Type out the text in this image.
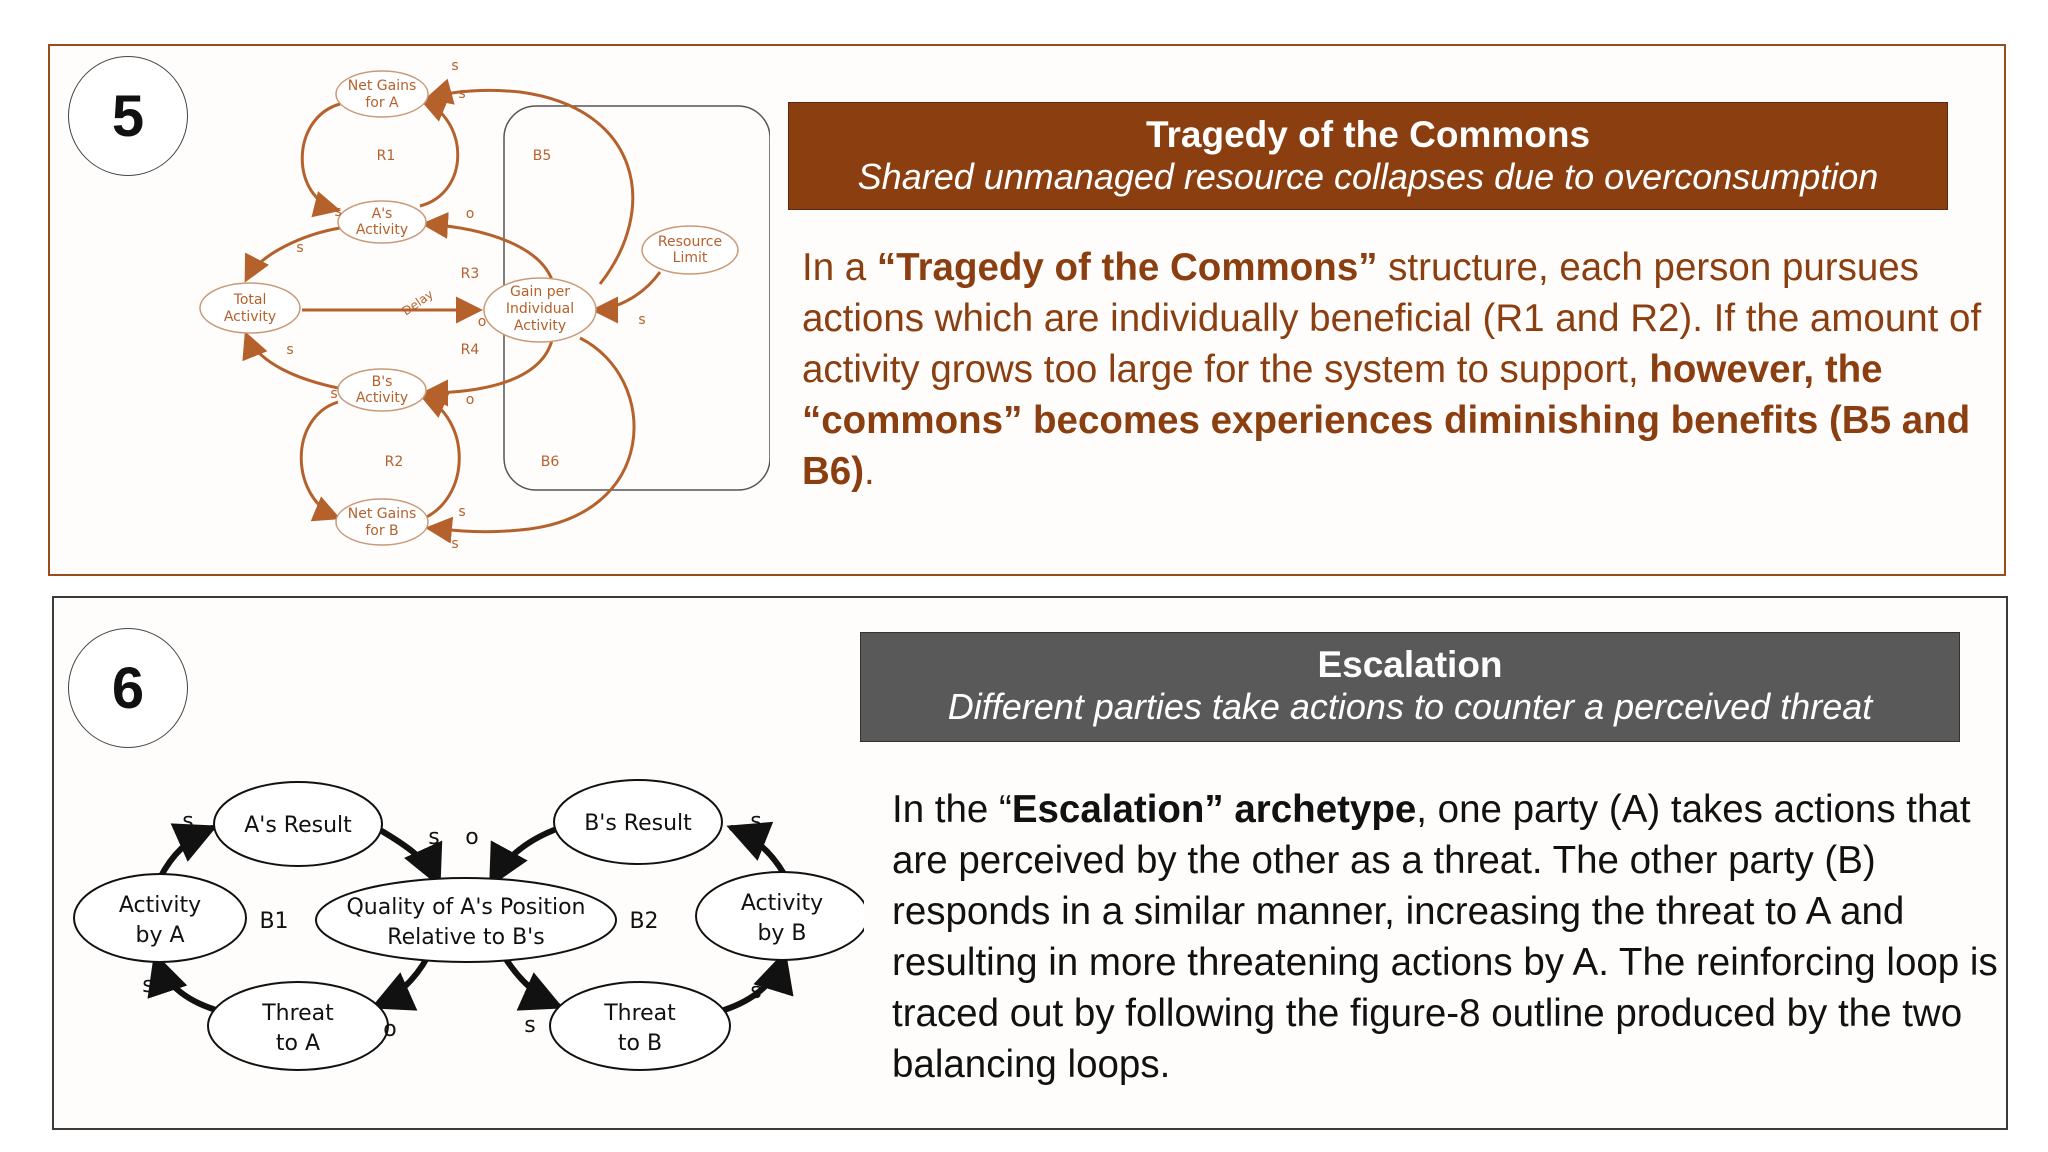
5	Net Gains
for A
A's
Activity
Total
Activity
Gain per
Individual
Activity
Resource
Limit
B's
Activity
Net Gains
for B
R1	B5
R3
R4
R2	B6
Delay
s
s
s	o
s
o	s
s
s	o
s
s
Tragedy of the Commons
Shared unmanaged resource collapses due to overconsumption
In a “Tragedy of the Commons” structure, each person pursues actions which are individually beneficial (R1 and R2). If the amount of activity grows too large for the system to support, however, the “commons” becomes experiences diminishing benefits (B5 and B6).
6	Escalation
Different parties take actions to counter a perceived threat
A's Result	B's Result
Activity
by A
Activity
by B
Quality of A's Position
Relative to B's
Threat
to A
Threat
to B
B1	B2
s
s o
s
s
o	s
s
In the “Escalation” archetype, one party (A) takes actions that are perceived by the other as a threat. The other party (B) responds in a similar manner, increasing the threat to A and resulting in more threatening actions by A. The reinforcing loop is traced out by following the figure-8 outline produced by the two balancing loops.
